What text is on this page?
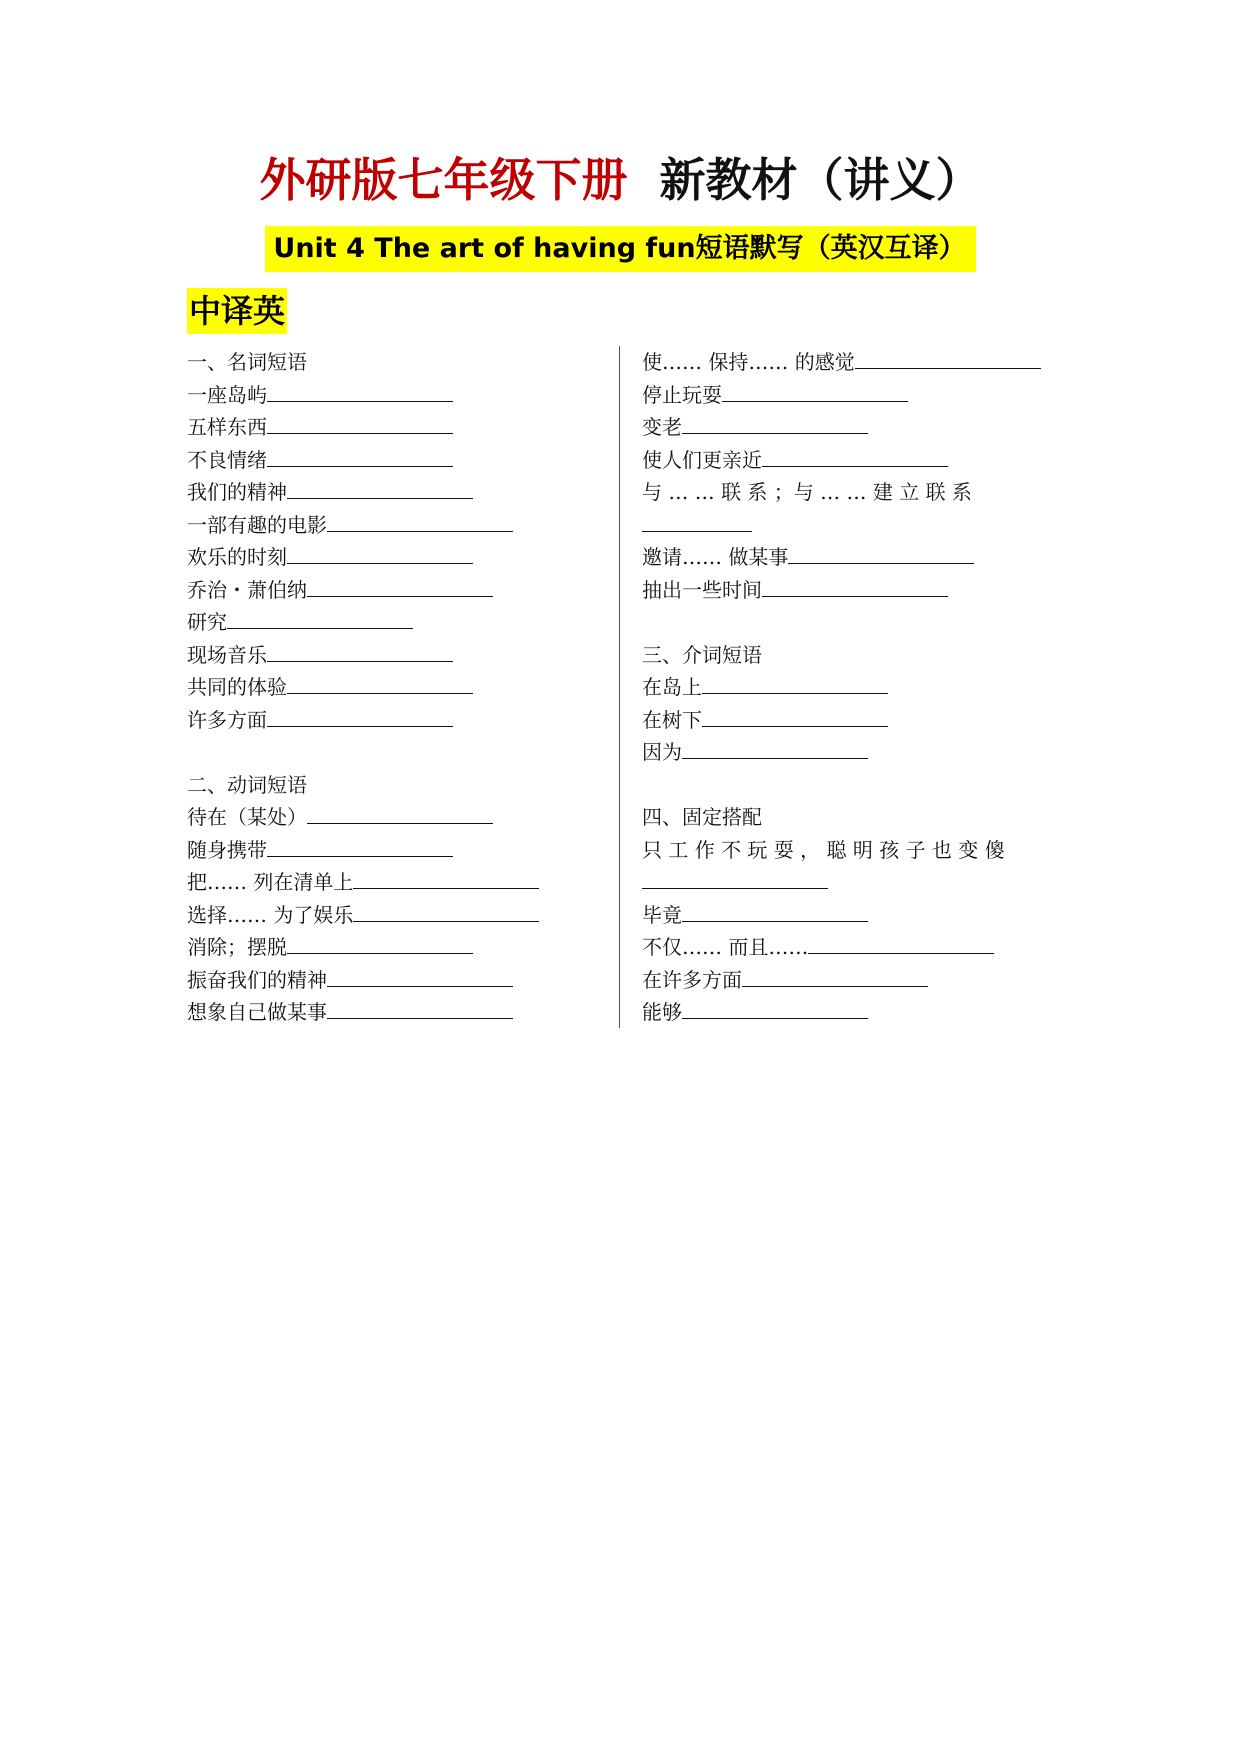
外研版七年级下册 新教材（讲义）
Unit 4 The art of having fun短语默写（英汉互译）
中译英
一、名词短语
一座岛屿
五样东西
不良情绪
我们的精神
一部有趣的电影
欢乐的时刻
乔治・萧伯纳
研究
现场音乐
共同的体验
许多方面
二、动词短语
待在（某处）
随身携带
把…… 列在清单上
选择…… 为了娱乐
消除；摆脱
振奋我们的精神
想象自己做某事
使…… 保持…… 的感觉
停止玩耍
变老
使人们更亲近
与 … … 联 系 ；与 … … 建 立 联 系
邀请…… 做某事
抽出一些时间
三、介词短语
在岛上
在树下
因为
四、固定搭配
只 工 作 不 玩 耍 ， 聪 明 孩 子 也 变 傻
毕竟
不仅…… 而且……
在许多方面
能够
